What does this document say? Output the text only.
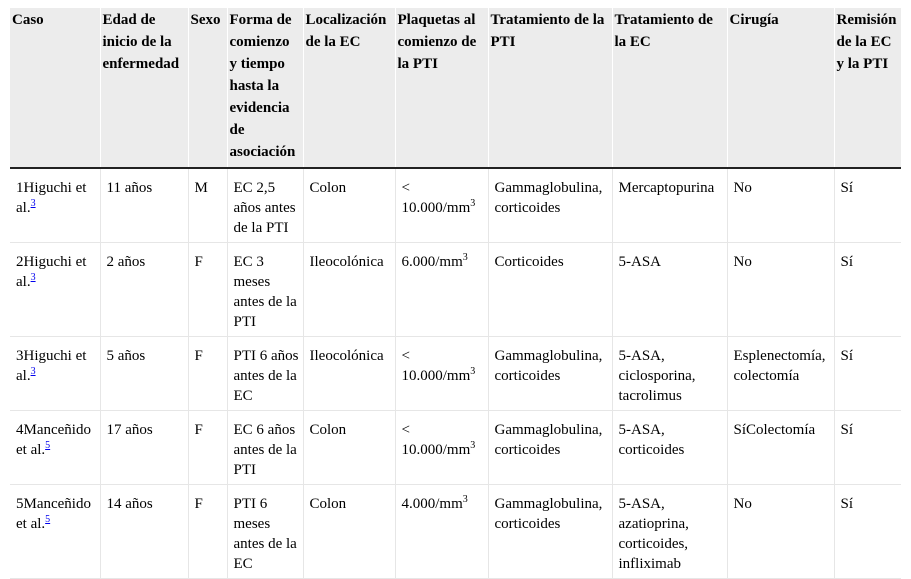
Caso	Edad de inicio de la enfermedad	Sexo	Forma de comienzo y tiempo hasta la evidencia de asociación	Localización de la EC	Plaquetas al comienzo de la PTI	Tratamiento de la PTI	Tratamiento de la EC	Cirugía	Remisión de la EC y la PTI
1Higuchi et al.$^3$	11 años	M	EC 2,5 años antes de la PTI	Colon	< $10.000/mm^3$	Gammaglobulina, corticoides	Mercaptopurina	No	Sí
2Higuchi et al.$^3$	2 años	F	EC 3 meses antes de la PTI	Ileocolónica	$6.000/mm^3$	Corticoides	5-ASA	No	Sí
3Higuchi et al.$^3$	5 años	F	PTI 6 años antes de la EC	Ileocolónica	< $10.000/mm^3$	Gammaglobulina, corticoides	5-ASA, ciclosporina, tacrolimus	Esplenectomía, colectomía	Sí
4Manceñido et al.$^5$	17 años	F	EC 6 años antes de la PTI	Colon	< $10.000/mm^3$	Gammaglobulina, corticoides	5-ASA, corticoides	SíColectomía	Sí
5Manceñido et al.$^5$	14 años	F	PTI 6 meses antes de la EC	Colon	$4.000/mm^3$	Gammaglobulina, corticoides	5-ASA, azatioprina, corticoides, infliximab	No	Sí
